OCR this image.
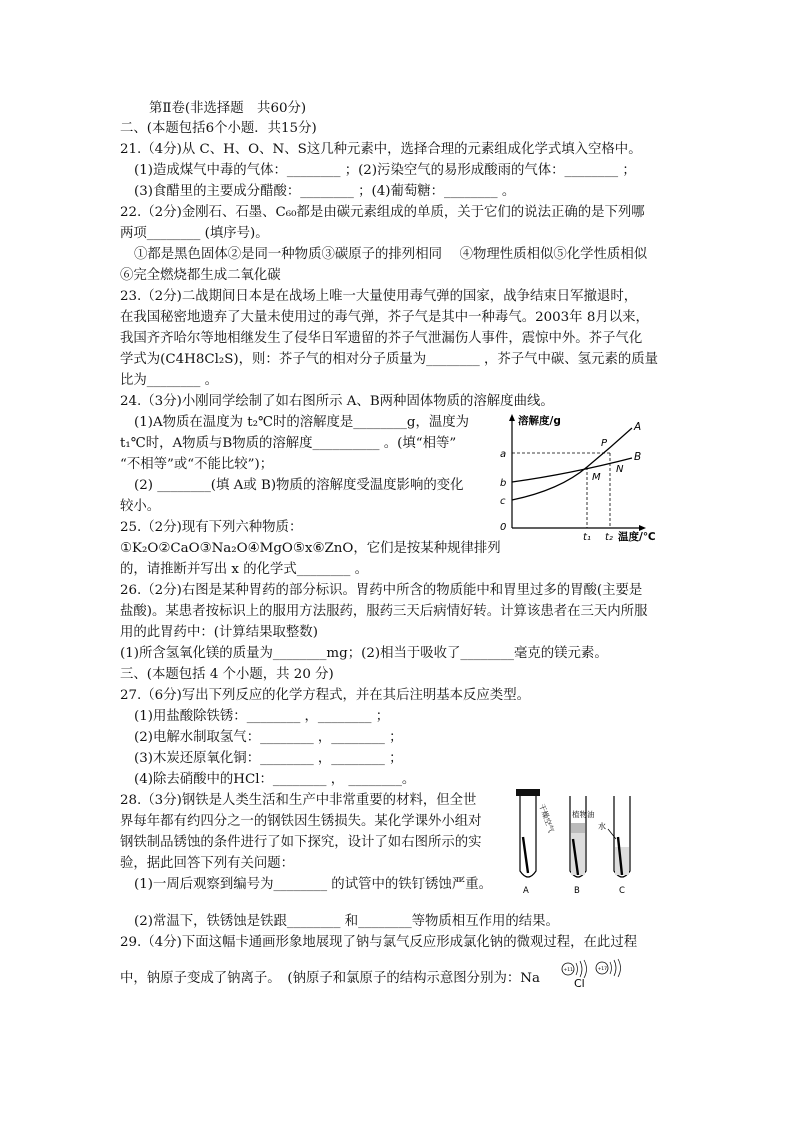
第Ⅱ卷(非选择题　共60分)
二、(本题包括6个小题．共15分)
21.（4分)从 C、H、O、N、S这几种元素中，选择合理的元素组成化学式填入空格中。
(1)造成煤气中毒的气体：________ ；(2)污染空气的易形成酸雨的气体：________ ；
(3)食醋里的主要成分醋酸：________ ；(4)葡萄糖：________ 。
22.（2分)金刚石、石墨、C₆₀都是由碳元素组成的单质，关于它们的说法正确的是下列哪
两项________ (填序号)。
①都是黑色固体②是同一种物质③碳原子的排列相同　 ④物理性质相似⑤化学性质相似
⑥完全燃烧都生成二氧化碳
23.（2分)二战期间日本是在战场上唯一大量使用毒气弹的国家，战争结束日军撤退时，
在我国秘密地遗弃了大量未使用过的毒气弹，芥子气是其中一种毒气。2003年 8月以来，
我国齐齐哈尔等地相继发生了侵华日军遗留的芥子气泄漏伤人事件，震惊中外。芥子气化
学式为(C4H8Cl₂S)，则：芥子气的相对分子质量为________ ，芥子气中碳、氢元素的质量
比为________ 。
24.（3分)小刚同学绘制了如右图所示 A、B两种固体物质的溶解度曲线。
(1)A物质在温度为 t₂℃时的溶解度是________g，温度为
t₁℃时，A物质与B物质的溶解度__________ 。(填“相等”
“不相等”或“不能比较”)；
(2) ________(填 A或 B)物质的溶解度受温度影响的变化
较小。
溶解度/g
温度/℃
0
a
b
c
A
B
P
M
N
t₁ t₂
25.（2分)现有下列六种物质：
①K₂O②CaO③Na₂O④MgO⑤x⑥ZnO，它们是按某种规律排列
的，请推断并写出 x 的化学式________ 。
26.（2分)右图是某种胃药的部分标识。胃药中所含的物质能中和胃里过多的胃酸(主要是
盐酸)。某患者按标识上的服用方法服药，服药三天后病情好转。计算该患者在三天内所服
用的此胃药中：(计算结果取整数)
(1)所含氢氧化镁的质量为________mg；(2)相当于吸收了________毫克的镁元素。
三、(本题包括 4 个小题，共 20 分)
27.（6分)写出下列反应的化学方程式，并在其后注明基本反应类型。
(1)用盐酸除铁锈：________ ，________ ；
(2)电解水制取氢气：________ ，________ ；
(3)木炭还原氧化铜：________ ，________ ；
(4)除去硝酸中的HCl：________ ， ________。
28.（3分)钢铁是人类生活和生产中非常重要的材料，但全世
界每年都有约四分之一的钢铁因生锈损失。某化学课外小组对
钢铁制品锈蚀的条件进行了如下探究，设计了如右图所示的实
验，据此回答下列有关问题：
(1)一周后观察到编号为________ 的试管中的铁钉锈蚀严重。
干燥空气
A
植物油
B
水
C
(2)常温下，铁锈蚀是铁跟________ 和________等物质相互作用的结果。
29.（4分)下面这幅卡通画形象地展现了钠与氯气反应形成氯化钠的微观过程，在此过程
中，钠原子变成了钠离子。　(钠原子和氯原子的结构示意图分别为：Na
+11
Cl
+17
